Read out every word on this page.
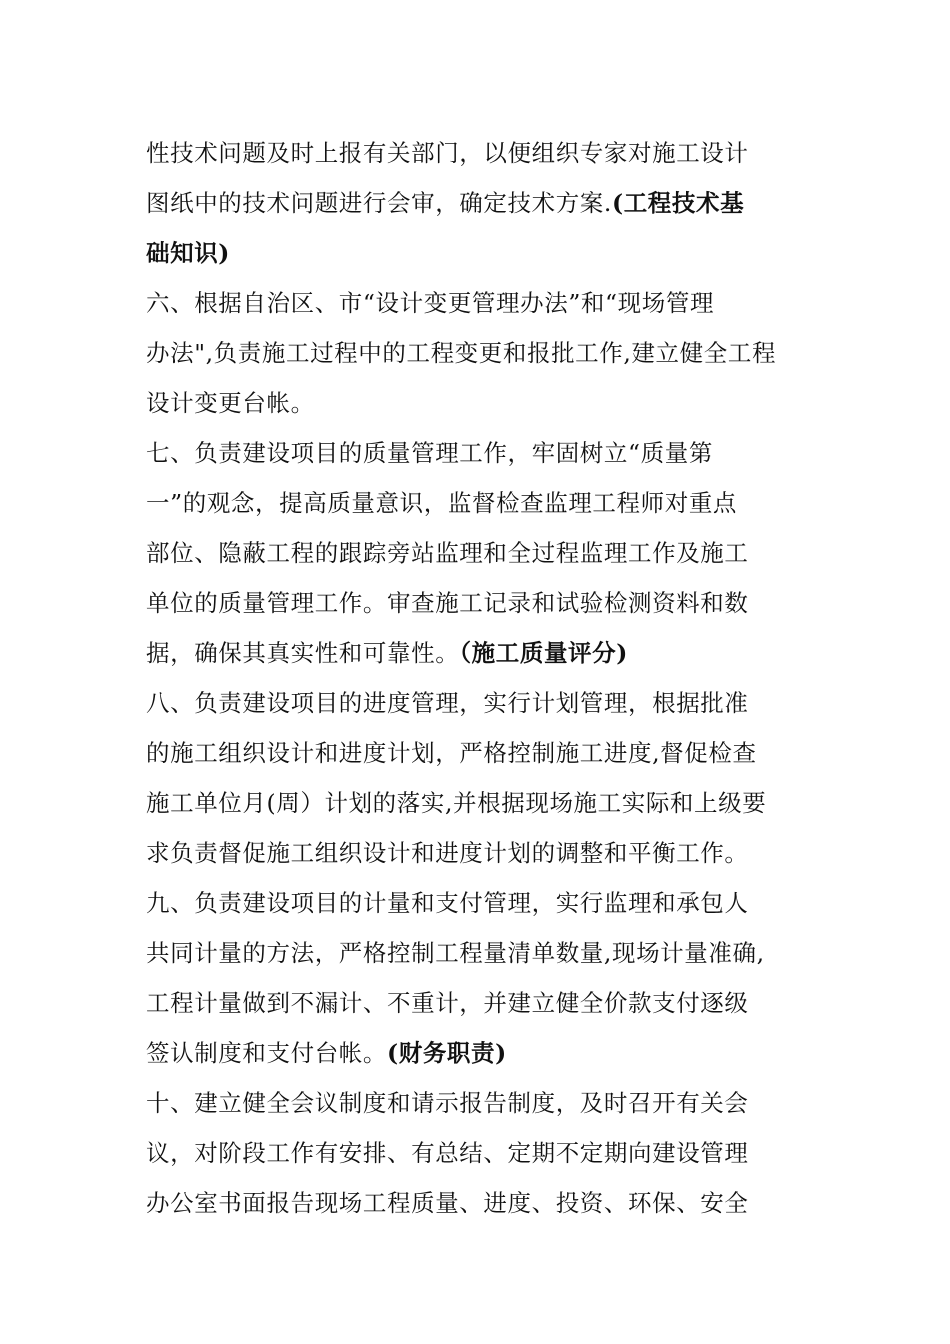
性技术问题及时上报有关部门，以便组织专家对施工设计
图纸中的技术问题进行会审，确定技术方案.(工程技术基
础知识)
六、根据自治区、市“设计变更管理办法”和“现场管理
办法",负责施工过程中的工程变更和报批工作,建立健全工程
设计变更台帐。
七、负责建设项目的质量管理工作，牢固树立“质量第
一”的观念，提高质量意识，监督检查监理工程师对重点
部位、隐蔽工程的跟踪旁站监理和全过程监理工作及施工
单位的质量管理工作。审查施工记录和试验检测资料和数
据，确保其真实性和可靠性。（施工质量评分)
八、负责建设项目的进度管理，实行计划管理，根据批准
的施工组织设计和进度计划，严格控制施工进度,督促检查
施工单位月(周）计划的落实,并根据现场施工实际和上级要
求负责督促施工组织设计和进度计划的调整和平衡工作。
九、负责建设项目的计量和支付管理，实行监理和承包人
共同计量的方法，严格控制工程量清单数量,现场计量准确,
工程计量做到不漏计、不重计，并建立健全价款支付逐级
签认制度和支付台帐。(财务职责)
十、建立健全会议制度和请示报告制度，及时召开有关会
议，对阶段工作有安排、有总结、定期不定期向建设管理
办公室书面报告现场工程质量、进度、投资、环保、安全
